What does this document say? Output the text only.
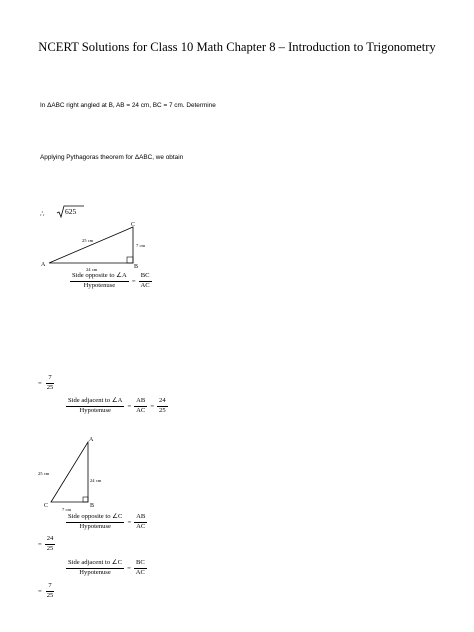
NCERT Solutions for Class 10 Math Chapter 8 – Introduction to Trigonometry
In ΔABC right angled at B, AB = 24 cm, BC = 7 cm. Determine
Applying Pythagoras theorem for ΔABC, we obtain
∴	625
A	B
C
25 cm
24 cm
7 cm
$\frac{\text{Side opposite to ∠A}}{\text{Hypotenuse}} = \frac{BC}{AC}$
= $\frac{7}{25}$
$\frac{\text{Side adjacent to ∠A}}{\text{Hypotenuse}} = \frac{AB}{AC} = \frac{24}{25}$
A
B
C
25 cm
24 cm
7 cm
$\frac{\text{Side opposite to ∠C}}{\text{Hypotenuse}} = \frac{AB}{AC}$
= $\frac{24}{25}$
$\frac{\text{Side adjacent to ∠C}}{\text{Hypotenuse}} = \frac{BC}{AC}$
= $\frac{7}{25}$
